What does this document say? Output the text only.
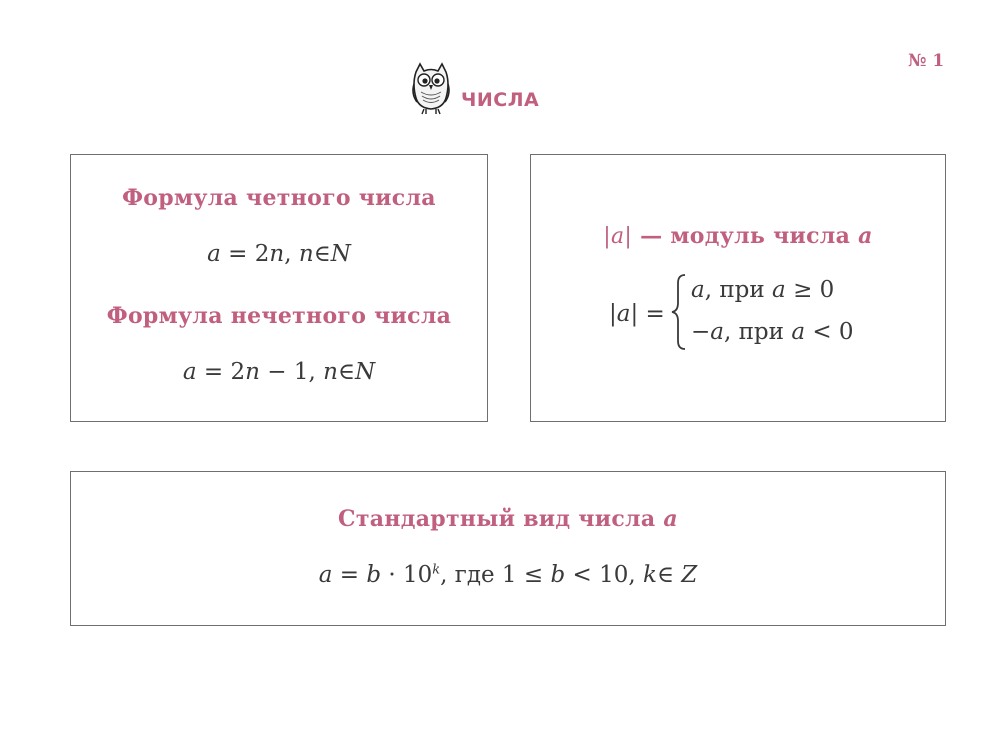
№ 1
ЧИСЛА
Формула четного числа
a = 2n, n∈N
Формула нечетного числа
a = 2n − 1, n∈N
|a| — модуль числа a
|a| =
a, при a ≥ 0
−a, при a < 0
Стандартный вид числа a
$a = b \cdot 10^k$, где 1 ≤ b < 10, k∈ Z
